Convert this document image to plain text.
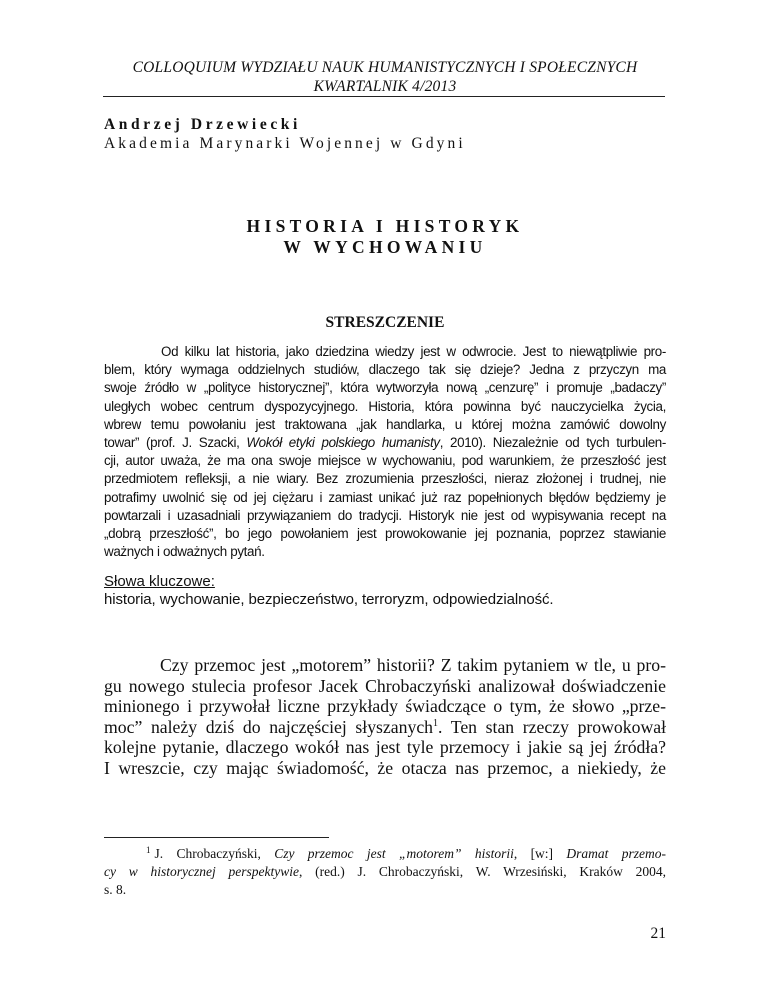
COLLOQUIUM WYDZIAŁU NAUK HUMANISTYCZNYCH I SPOŁECZNYCH
KWARTALNIK 4/2013
Andrzej Drzewiecki
Akademia Marynarki Wojennej w Gdyni
HISTORIA I HISTORYK
W WYCHOWANIU
STRESZCZENIE
Od kilku lat historia, jako dziedzina wiedzy jest w odwrocie. Jest to niewątpliwie pro-
blem, który wymaga oddzielnych studiów, dlaczego tak się dzieje? Jedna z przyczyn ma
swoje źródło w „polityce historycznej”, która wytworzyła nową „cenzurę” i promuje „badaczy”
uległych wobec centrum dyspozycyjnego. Historia, która powinna być nauczycielka życia,
wbrew temu powołaniu jest traktowana „jak handlarka, u której można zamówić dowolny
towar” (prof. J. Szacki, Wokół etyki polskiego humanisty, 2010). Niezależnie od tych turbulen-
cji, autor uważa, że ma ona swoje miejsce w wychowaniu, pod warunkiem, że przeszłość jest
przedmiotem refleksji, a nie wiary. Bez zrozumienia przeszłości, nieraz złożonej i trudnej, nie
potrafimy uwolnić się od jej ciężaru i zamiast unikać już raz popełnionych błędów będziemy je
powtarzali i uzasadniali przywiązaniem do tradycji. Historyk nie jest od wypisywania recept na
„dobrą przeszłość”, bo jego powołaniem jest prowokowanie jej poznania, poprzez stawianie
ważnych i odważnych pytań.
Słowa kluczowe:
historia, wychowanie, bezpieczeństwo, terroryzm, odpowiedzialność.
Czy przemoc jest „motorem” historii? Z takim pytaniem w tle, u pro-
gu nowego stulecia profesor Jacek Chrobaczyński analizował doświadczenie
minionego i przywołał liczne przykłady świadczące o tym, że słowo „prze-
moc” należy dziś do najczęściej słyszanych$^1$. Ten stan rzeczy prowokował
kolejne pytanie, dlaczego wokół nas jest tyle przemocy i jakie są jej źródła?
I wreszcie, czy mając świadomość, że otacza nas przemoc, a niekiedy, że
$^1$ J. Chrobaczyński, Czy przemoc jest „motorem” historii, [w:] Dramat przemo-
cy w historycznej perspektywie, (red.) J. Chrobaczyński, W. Wrzesiński, Kraków 2004,
s. 8.
21
